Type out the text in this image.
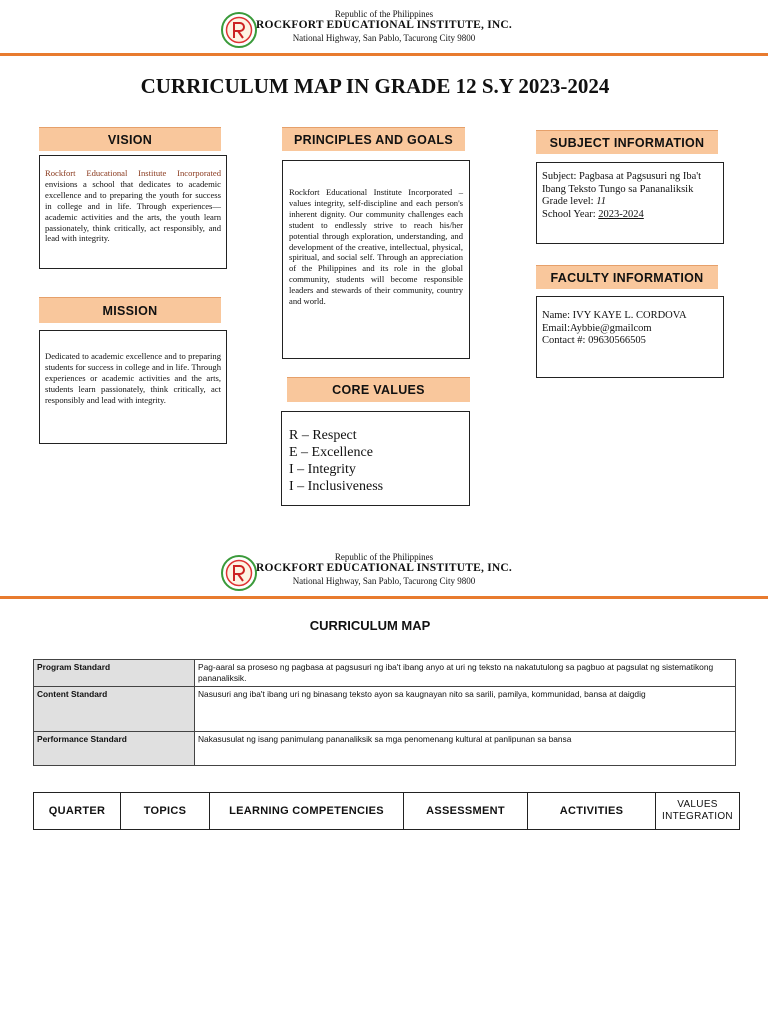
Republic of the Philippines
ROCKFORT EDUCATIONAL INSTITUTE, INC.
National Highway, San Pablo, Tacurong City 9800
CURRICULUM MAP IN GRADE 12 S.Y 2023-2024
VISION
Rockfort Educational Institute Incorporated envisions a school that dedicates to academic excellence and to preparing the youth for success in college and in life. Through experiences—academic activities and the arts, the youth learn passionately, think critically, act responsibly, and lead with integrity.
MISSION
Dedicated to academic excellence and to preparing students for success in college and in life. Through experiences or academic activities and the arts, students learn passionately, think critically, act responsibly and lead with integrity.
PRINCIPLES AND GOALS
Rockfort Educational Institute Incorporated – values integrity, self-discipline and each person's inherent dignity. Our community challenges each student to endlessly strive to reach his/her potential through exploration, understanding, and development of the creative, intellectual, physical, spiritual, and social self. Through an appreciation of the Philippines and its role in the global community, students will become responsible leaders and stewards of their community, country and world.
CORE VALUES
R – Respect
E – Excellence
I – Integrity
I – Inclusiveness
SUBJECT INFORMATION
Subject: Pagbasa at Pagsusuri ng Iba't Ibang Teksto Tungo sa Pananaliksik
Grade level: 11
School Year: 2023-2024
FACULTY INFORMATION
Name: IVY KAYE L. CORDOVA
Email:Aybbie@gmailcom
Contact #: 09630566505
Republic of the Philippines
ROCKFORT EDUCATIONAL INSTITUTE, INC.
National Highway, San Pablo, Tacurong City 9800
CURRICULUM MAP
Program Standard	Pag-aaral sa proseso ng pagbasa at pagsusuri ng iba't ibang anyo at uri ng teksto na nakatutulong sa pagbuo at pagsulat ng sistematikong pananaliksik.
Content Standard	Nasusuri ang iba't ibang uri ng binasang teksto ayon sa kaugnayan nito sa sarili, pamilya, kommunidad, bansa at daigdig
Performance Standard	Nakasusulat ng isang panimulang pananaliksik sa mga penomenang kultural at panlipunan sa bansa
QUARTER	TOPICS	LEARNING COMPETENCIES	ASSESSMENT	ACTIVITIES	VALUES INTEGRATION
